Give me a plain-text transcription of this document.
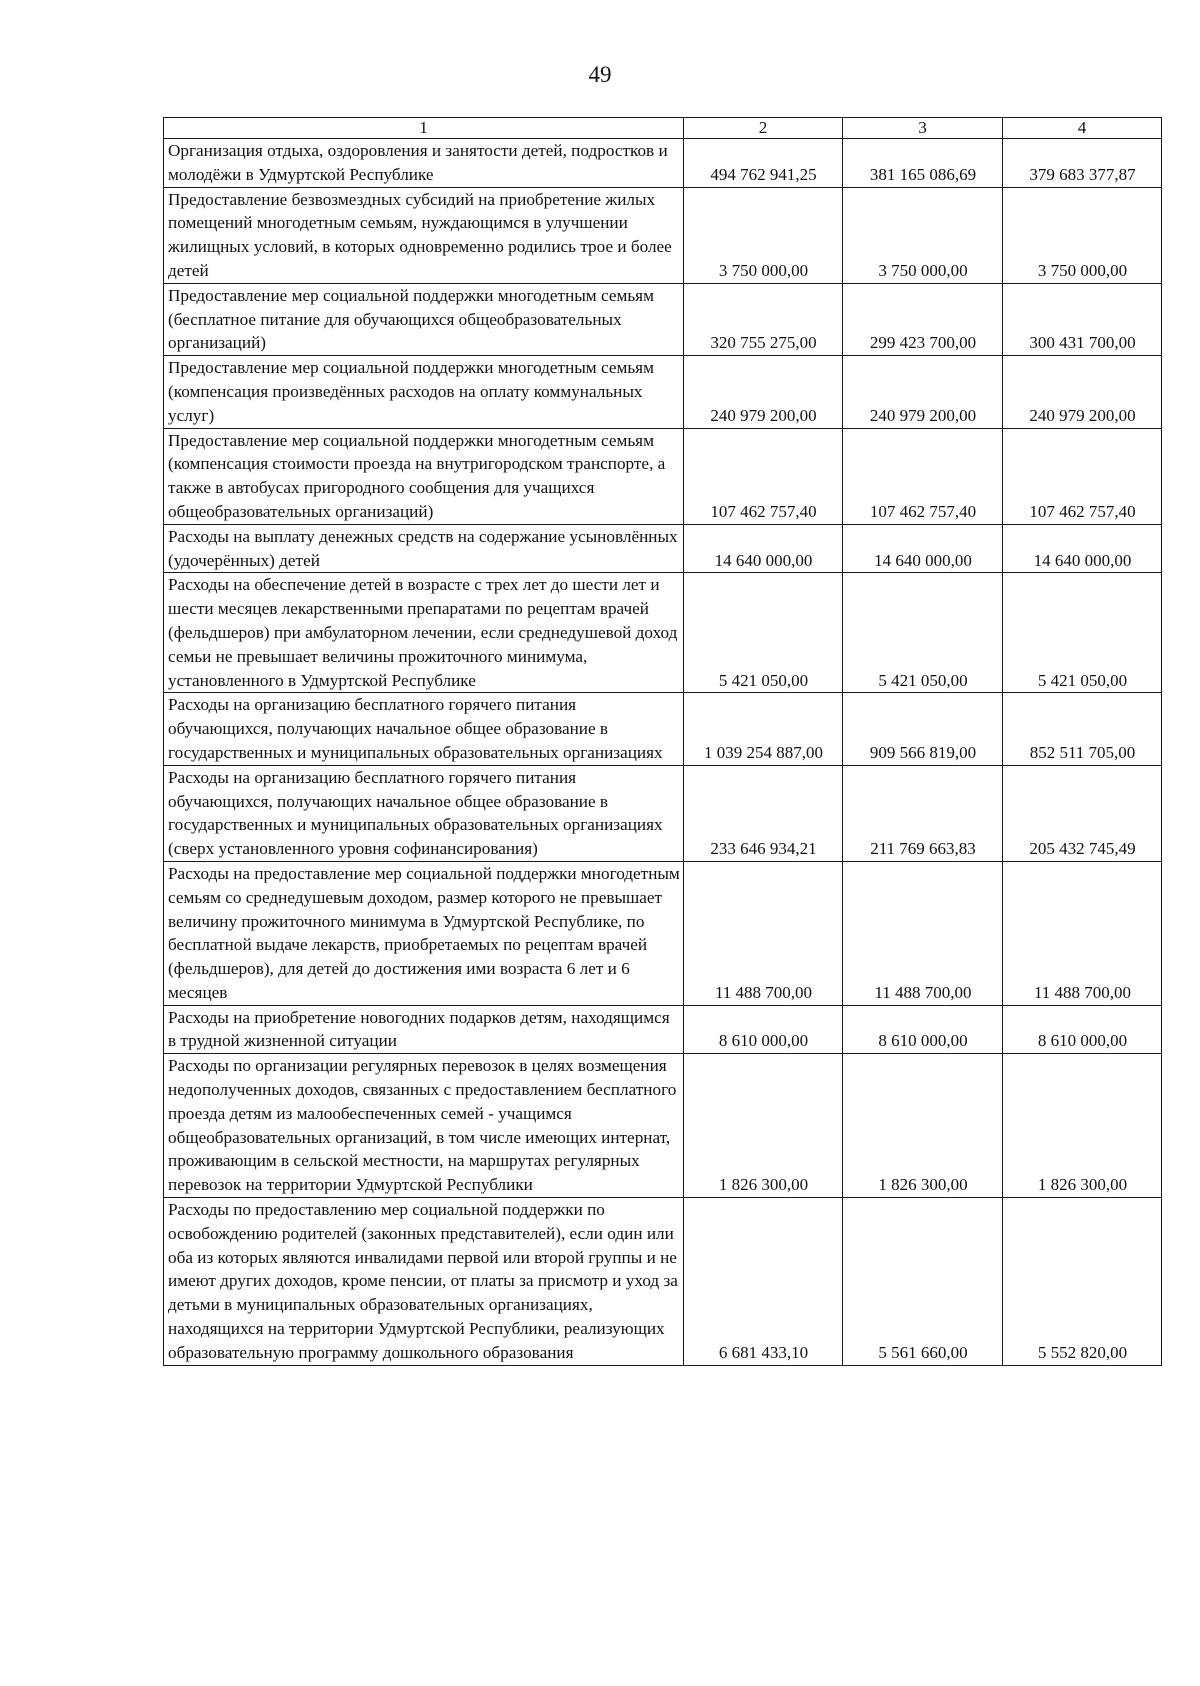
49
1	2	3	4
Организация отдыха, оздоровления и занятости детей, подростков и молодёжи в Удмуртской Республике	494 762 941,25	381 165 086,69	379 683 377,87
Предоставление безвозмездных субсидий на приобретение жилых помещений многодетным семьям, нуждающимся в улучшении жилищных условий, в которых одновременно родились трое и более детей	3 750 000,00	3 750 000,00	3 750 000,00
Предоставление мер социальной поддержки многодетным семьям (бесплатное питание для обучающихся общеобразовательных организаций)	320 755 275,00	299 423 700,00	300 431 700,00
Предоставление мер социальной поддержки многодетным семьям (компенсация произведённых расходов на оплату коммунальных услуг)	240 979 200,00	240 979 200,00	240 979 200,00
Предоставление мер социальной поддержки многодетным семьям (компенсация стоимости проезда на внутригородском транспорте, а также в автобусах пригородного сообщения для учащихся общеобразовательных организаций)	107 462 757,40	107 462 757,40	107 462 757,40
Расходы на выплату денежных средств на содержание усыновлённых (удочерённых) детей	14 640 000,00	14 640 000,00	14 640 000,00
Расходы на обеспечение детей в возрасте с трех лет до шести лет и шести месяцев лекарственными препаратами по рецептам врачей (фельдшеров) при амбулаторном лечении, если среднедушевой доход семьи не превышает величины прожиточного минимума, установленного в Удмуртской Республике	5 421 050,00	5 421 050,00	5 421 050,00
Расходы на организацию бесплатного горячего питания обучающихся, получающих начальное общее образование в государственных и муниципальных образовательных организациях	1 039 254 887,00	909 566 819,00	852 511 705,00
Расходы на организацию бесплатного горячего питания обучающихся, получающих начальное общее образование в государственных и муниципальных образовательных организациях (сверх установленного уровня софинансирования)	233 646 934,21	211 769 663,83	205 432 745,49
Расходы на предоставление мер социальной поддержки многодетным семьям со среднедушевым доходом, размер которого не превышает величину прожиточного минимума в Удмуртской Республике, по бесплатной выдаче лекарств, приобретаемых по рецептам врачей (фельдшеров), для детей до достижения ими возраста 6 лет и 6 месяцев	11 488 700,00	11 488 700,00	11 488 700,00
Расходы на приобретение новогодних подарков детям, находящимся в трудной жизненной ситуации	8 610 000,00	8 610 000,00	8 610 000,00
Расходы по организации регулярных перевозок в целях возмещения недополученных доходов, связанных с предоставлением бесплатного проезда детям из малообеспеченных семей - учащимся общеобразовательных организаций, в том числе имеющих интернат, проживающим в сельской местности, на маршрутах регулярных перевозок на территории Удмуртской Республики	1 826 300,00	1 826 300,00	1 826 300,00
Расходы по предоставлению мер социальной поддержки по освобождению родителей (законных представителей), если один или оба из которых являются инвалидами первой или второй группы и не имеют других доходов, кроме пенсии, от платы за присмотр и уход за детьми в муниципальных образовательных организациях, находящихся на территории Удмуртской Республики, реализующих образовательную программу дошкольного образования	6 681 433,10	5 561 660,00	5 552 820,00
